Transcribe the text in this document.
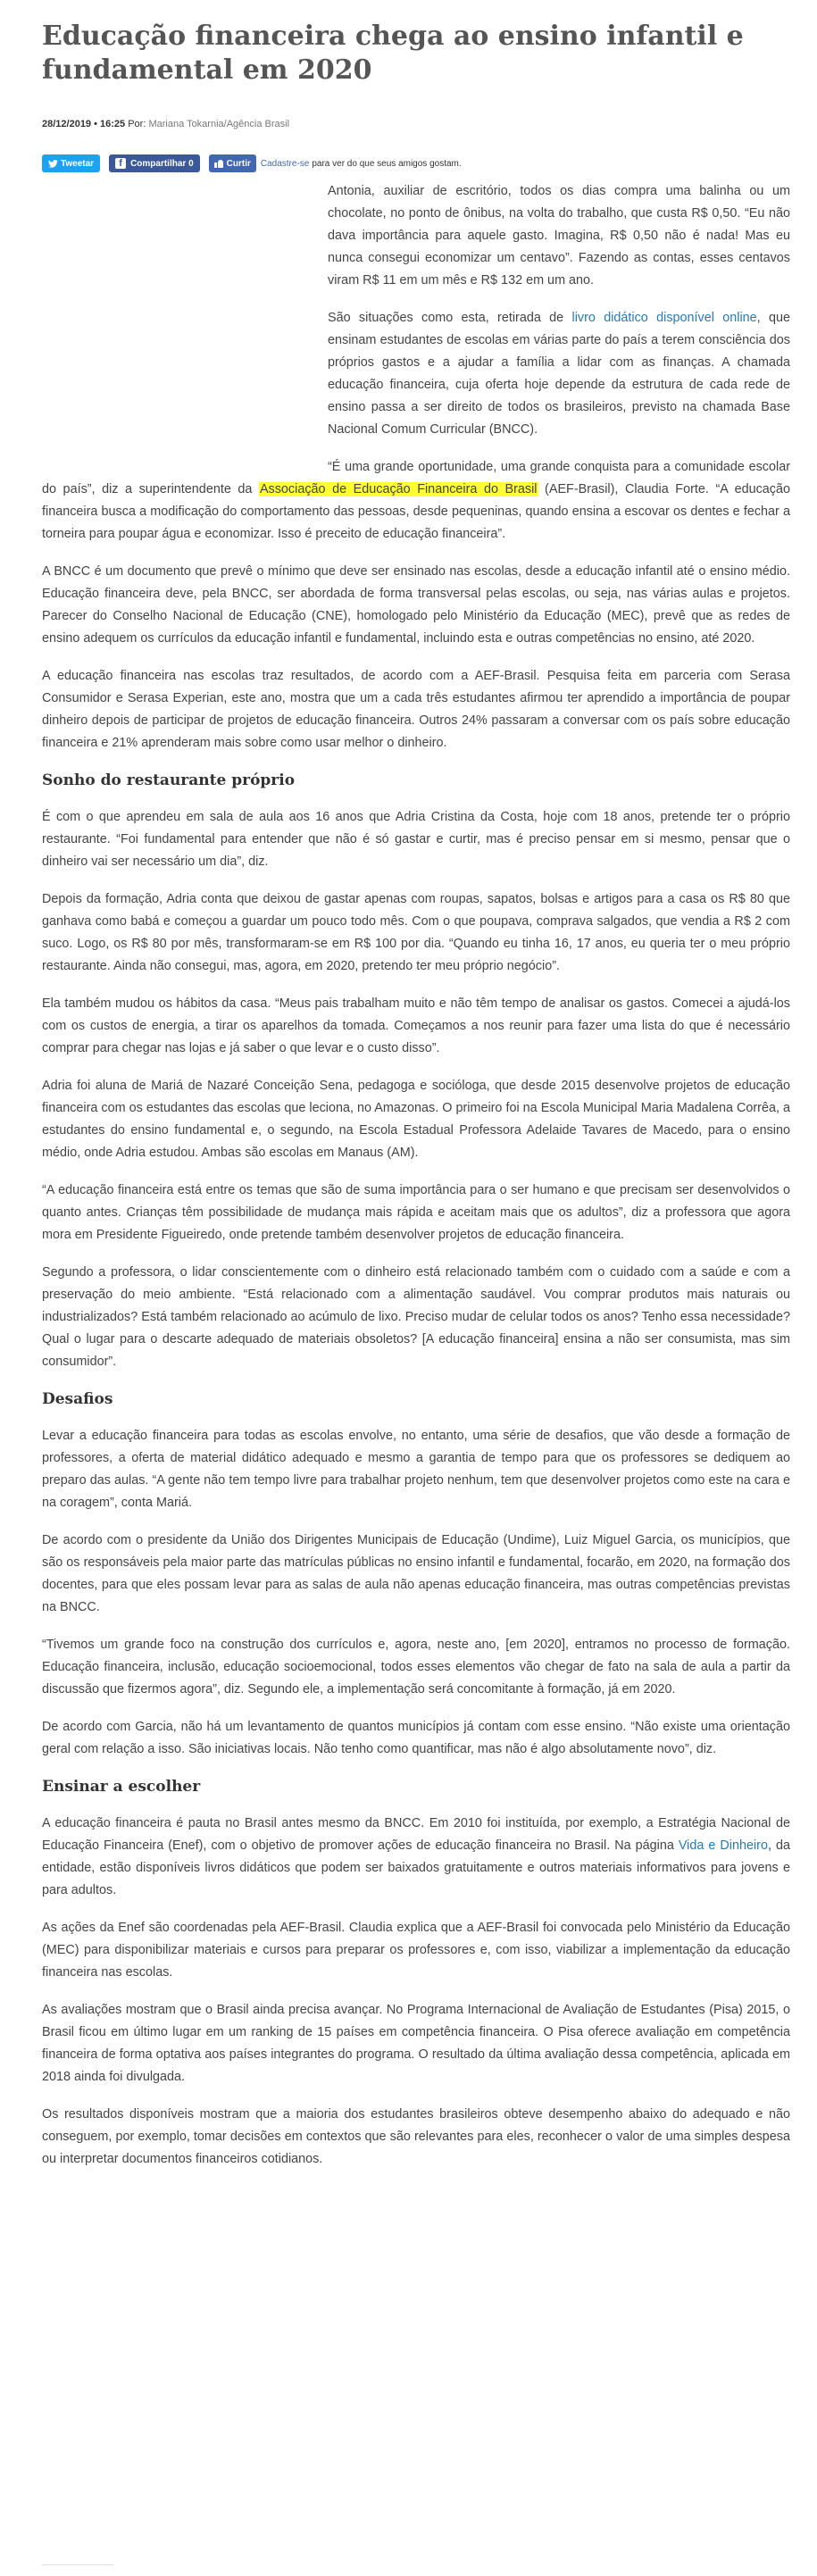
Educação financeira chega ao ensino infantil e fundamental em 2020
28/12/2019 • 16:25 Por: Mariana Tokarnia/Agência Brasil
Tweetar	f Compartilhar 0	Curtir Cadastre-se para ver do que seus amigos gostam.

Antonia, auxiliar de escritório, todos os dias compra uma balinha ou um chocolate, no ponto de ônibus, na volta do trabalho, que custa R$ 0,50. “Eu não dava importância para aquele gasto. Imagina, R$ 0,50 não é nada! Mas eu nunca consegui economizar um centavo”. Fazendo as contas, esses centavos viram R$ 11 em um mês e R$ 132 em um ano.

São situações como esta, retirada de livro didático disponível online, que ensinam estudantes de escolas em várias parte do país a terem consciência dos próprios gastos e a ajudar a família a lidar com as finanças. A chamada educação financeira, cuja oferta hoje depende da estrutura de cada rede de ensino passa a ser direito de todos os brasileiros, previsto na chamada Base Nacional Comum Curricular (BNCC).

“É uma grande oportunidade, uma grande conquista para a comunidade escolar do país”, diz a superintendente da Associação de Educação Financeira do Brasil (AEF-Brasil), Claudia Forte. “A educação financeira busca a modificação do comportamento das pessoas, desde pequeninas, quando ensina a escovar os dentes e fechar a torneira para poupar água e economizar. Isso é preceito de educação financeira”.

A BNCC é um documento que prevê o mínimo que deve ser ensinado nas escolas, desde a educação infantil até o ensino médio. Educação financeira deve, pela BNCC, ser abordada de forma transversal pelas escolas, ou seja, nas várias aulas e projetos. Parecer do Conselho Nacional de Educação (CNE), homologado pelo Ministério da Educação (MEC), prevê que as redes de ensino adequem os currículos da educação infantil e fundamental, incluindo esta e outras competências no ensino, até 2020.

A educação financeira nas escolas traz resultados, de acordo com a AEF-Brasil. Pesquisa feita em parceria com Serasa Consumidor e Serasa Experian, este ano, mostra que um a cada três estudantes afirmou ter aprendido a importância de poupar dinheiro depois de participar de projetos de educação financeira. Outros 24% passaram a conversar com os país sobre educação financeira e 21% aprenderam mais sobre como usar melhor o dinheiro.

Sonho do restaurante próprio

É com o que aprendeu em sala de aula aos 16 anos que Adria Cristina da Costa, hoje com 18 anos, pretende ter o próprio restaurante. “Foi fundamental para entender que não é só gastar e curtir, mas é preciso pensar em si mesmo, pensar que o dinheiro vai ser necessário um dia”, diz.

Depois da formação, Adria conta que deixou de gastar apenas com roupas, sapatos, bolsas e artigos para a casa os R$ 80 que ganhava como babá e começou a guardar um pouco todo mês. Com o que poupava, comprava salgados, que vendia a R$ 2 com suco. Logo, os R$ 80 por mês, transformaram-se em R$ 100 por dia. “Quando eu tinha 16, 17 anos, eu queria ter o meu próprio restaurante. Ainda não consegui, mas, agora, em 2020, pretendo ter meu próprio negócio”.

Ela também mudou os hábitos da casa. “Meus pais trabalham muito e não têm tempo de analisar os gastos. Comecei a ajudá-los com os custos de energia, a tirar os aparelhos da tomada. Começamos a nos reunir para fazer uma lista do que é necessário comprar para chegar nas lojas e já saber o que levar e o custo disso”.

Adria foi aluna de Mariá de Nazaré Conceição Sena, pedagoga e socióloga, que desde 2015 desenvolve projetos de educação financeira com os estudantes das escolas que leciona, no Amazonas. O primeiro foi na Escola Municipal Maria Madalena Corrêa, a estudantes do ensino fundamental e, o segundo, na Escola Estadual Professora Adelaide Tavares de Macedo, para o ensino médio, onde Adria estudou. Ambas são escolas em Manaus (AM).

“A educação financeira está entre os temas que são de suma importância para o ser humano e que precisam ser desenvolvidos o quanto antes. Crianças têm possibilidade de mudança mais rápida e aceitam mais que os adultos”, diz a professora que agora mora em Presidente Figueiredo, onde pretende também desenvolver projetos de educação financeira.

Segundo a professora, o lidar conscientemente com o dinheiro está relacionado também com o cuidado com a saúde e com a preservação do meio ambiente. “Está relacionado com a alimentação saudável. Vou comprar produtos mais naturais ou industrializados? Está também relacionado ao acúmulo de lixo. Preciso mudar de celular todos os anos? Tenho essa necessidade? Qual o lugar para o descarte adequado de materiais obsoletos? [A educação financeira] ensina a não ser consumista, mas sim consumidor”.

Desafios

Levar a educação financeira para todas as escolas envolve, no entanto, uma série de desafios, que vão desde a formação de professores, a oferta de material didático adequado e mesmo a garantia de tempo para que os professores se dediquem ao preparo das aulas. “A gente não tem tempo livre para trabalhar projeto nenhum, tem que desenvolver projetos como este na cara e na coragem”, conta Mariá.

De acordo com o presidente da União dos Dirigentes Municipais de Educação (Undime), Luiz Miguel Garcia, os municípios, que são os responsáveis pela maior parte das matrículas públicas no ensino infantil e fundamental, focarão, em 2020, na formação dos docentes, para que eles possam levar para as salas de aula não apenas educação financeira, mas outras competências previstas na BNCC.

“Tivemos um grande foco na construção dos currículos e, agora, neste ano, [em 2020], entramos no processo de formação. Educação financeira, inclusão, educação socioemocional, todos esses elementos vão chegar de fato na sala de aula a partir da discussão que fizermos agora”, diz. Segundo ele, a implementação será concomitante à formação, já em 2020.

De acordo com Garcia, não há um levantamento de quantos municípios já contam com esse ensino. “Não existe uma orientação geral com relação a isso. São iniciativas locais. Não tenho como quantificar, mas não é algo absolutamente novo”, diz.

Ensinar a escolher

A educação financeira é pauta no Brasil antes mesmo da BNCC. Em 2010 foi instituída, por exemplo, a Estratégia Nacional de Educação Financeira (Enef), com o objetivo de promover ações de educação financeira no Brasil. Na página Vida e Dinheiro, da entidade, estão disponíveis livros didáticos que podem ser baixados gratuitamente e outros materiais informativos para jovens e para adultos.

As ações da Enef são coordenadas pela AEF-Brasil. Claudia explica que a AEF-Brasil foi convocada pelo Ministério da Educação (MEC) para disponibilizar materiais e cursos para preparar os professores e, com isso, viabilizar a implementação da educação financeira nas escolas.

As avaliações mostram que o Brasil ainda precisa avançar. No Programa Internacional de Avaliação de Estudantes (Pisa) 2015, o Brasil ficou em último lugar em um ranking de 15 países em competência financeira. O Pisa oferece avaliação em competência financeira de forma optativa aos países integrantes do programa. O resultado da última avaliação dessa competência, aplicada em 2018 ainda foi divulgada.

Os resultados disponíveis mostram que a maioria dos estudantes brasileiros obteve desempenho abaixo do adequado e não conseguem, por exemplo, tomar decisões em contextos que são relevantes para eles, reconhecer o valor de uma simples despesa ou interpretar documentos financeiros cotidianos.
